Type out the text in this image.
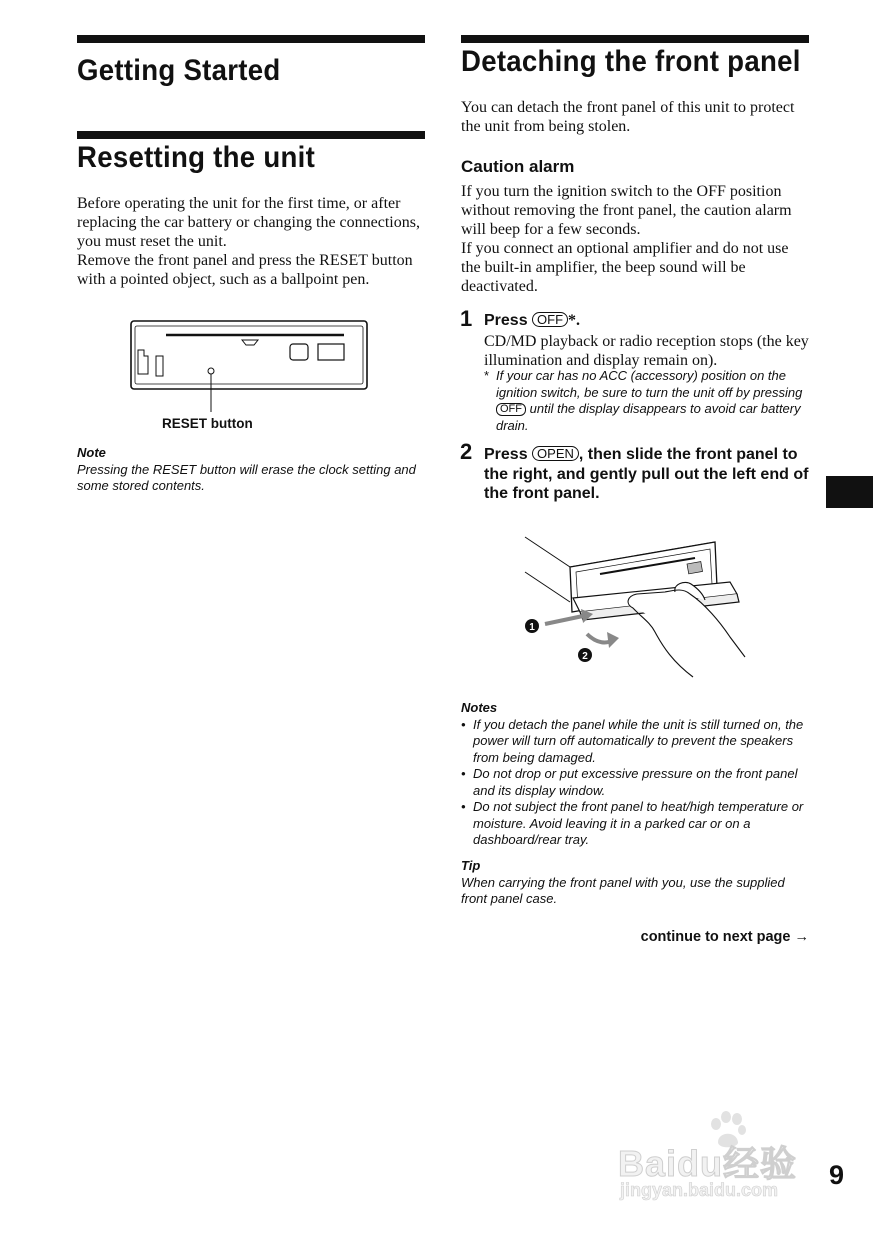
Getting Started
Resetting the unit
Before operating the unit for the first time, or after replacing the car battery or changing the connections, you must reset the unit.
Remove the front panel and press the RESET button with a pointed object, such as a ballpoint pen.
RESET button
Note
Pressing the RESET button will erase the clock setting and some stored contents.
Detaching the front panel
You can detach the front panel of this unit to protect the unit from being stolen.
Caution alarm
If you turn the ignition switch to the OFF position without removing the front panel, the caution alarm will beep for a few seconds.
If you connect an optional amplifier and do not use the built-in amplifier, the beep sound will be deactivated.
1 Press OFF *.
CD/MD playback or radio reception stops (the key illumination and display remain on).
* If your car has no ACC (accessory) position on the ignition switch, be sure to turn the unit off by pressing OFF until the display disappears to avoid car battery drain.
2 Press OPEN , then slide the front panel to the right, and gently pull out the left end of the front panel.
1
2
Notes
• If you detach the panel while the unit is still turned on, the power will turn off automatically to prevent the speakers from being damaged.
• Do not drop or put excessive pressure on the front panel and its display window.
• Do not subject the front panel to heat/high temperature or moisture. Avoid leaving it in a parked car or on a dashboard/rear tray.
Tip
When carrying the front panel with you, use the supplied front panel case.
continue to next page →
Baidu经验
jingyan.baidu.com 9
